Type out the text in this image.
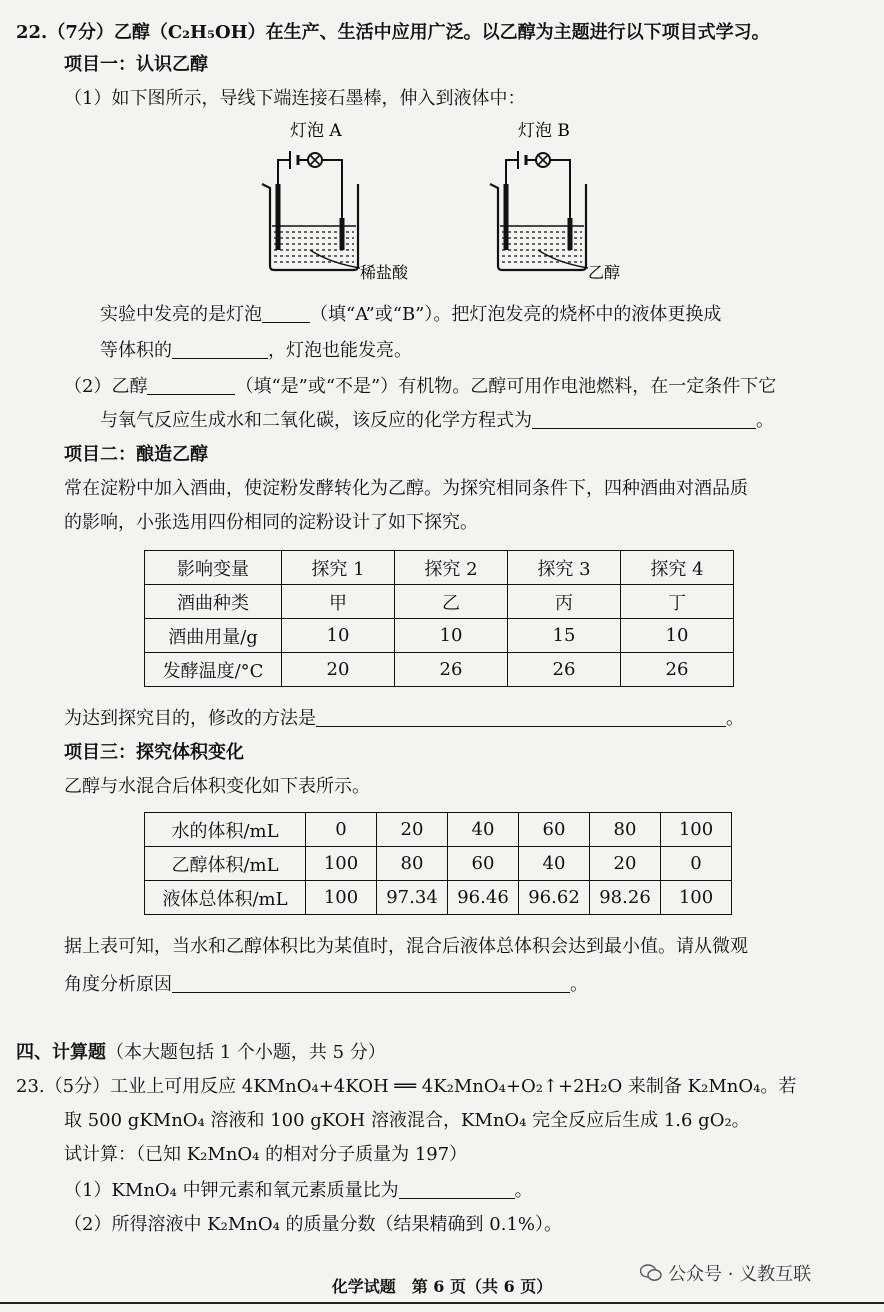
22.（7分）乙醇（C₂H₅OH）在生产、生活中应用广泛。以乙醇为主题进行以下项目式学习。
项目一：认识乙醇
（1）如下图所示，导线下端连接石墨棒，伸入到液体中：
灯泡 A
稀盐酸
灯泡 B
乙醇
实验中发亮的是灯泡	（填“A”或“B”）。把灯泡发亮的烧杯中的液体更换成
等体积的	，灯泡也能发亮。
（2）乙醇	（填“是”或“不是”）有机物。乙醇可用作电池燃料，在一定条件下它
与氧气反应生成水和二氧化碳，该反应的化学方程式为	。
项目二：酿造乙醇
常在淀粉中加入酒曲，使淀粉发酵转化为乙醇。为探究相同条件下，四种酒曲对酒品质
的影响，小张选用四份相同的淀粉设计了如下探究。
影响变量	探究 1	探究 2	探究 3	探究 4
酒曲种类	甲	乙	丙	丁
酒曲用量/g	10	10	15	10
发酵温度/°C	20	26	26	26
为达到探究目的，修改的方法是	。
项目三：探究体积变化
乙醇与水混合后体积变化如下表所示。
水的体积/mL	0	20	40	60	80	100
乙醇体积/mL	100	80	60	40	20	0
液体总体积/mL	100	97.34	96.46	96.62	98.26	100
据上表可知，当水和乙醇体积比为某值时，混合后液体总体积会达到最小值。请从微观
角度分析原因	。
四、计算题（本大题包括 1 个小题，共 5 分）
23.（5分）工业上可用反应 4KMnO₄+4KOH ══ 4K₂MnO₄+O₂↑+2H₂O 来制备 K₂MnO₄。若
取 500 gKMnO₄ 溶液和 100 gKOH 溶液混合，KMnO₄ 完全反应后生成 1.6 gO₂。
试计算：（已知 K₂MnO₄ 的相对分子质量为 197）
（1）KMnO₄ 中钾元素和氧元素质量比为	。
（2）所得溶液中 K₂MnO₄ 的质量分数（结果精确到 0.1%）。
化学试题　第 6 页（共 6 页）
公众号 · 义教互联
